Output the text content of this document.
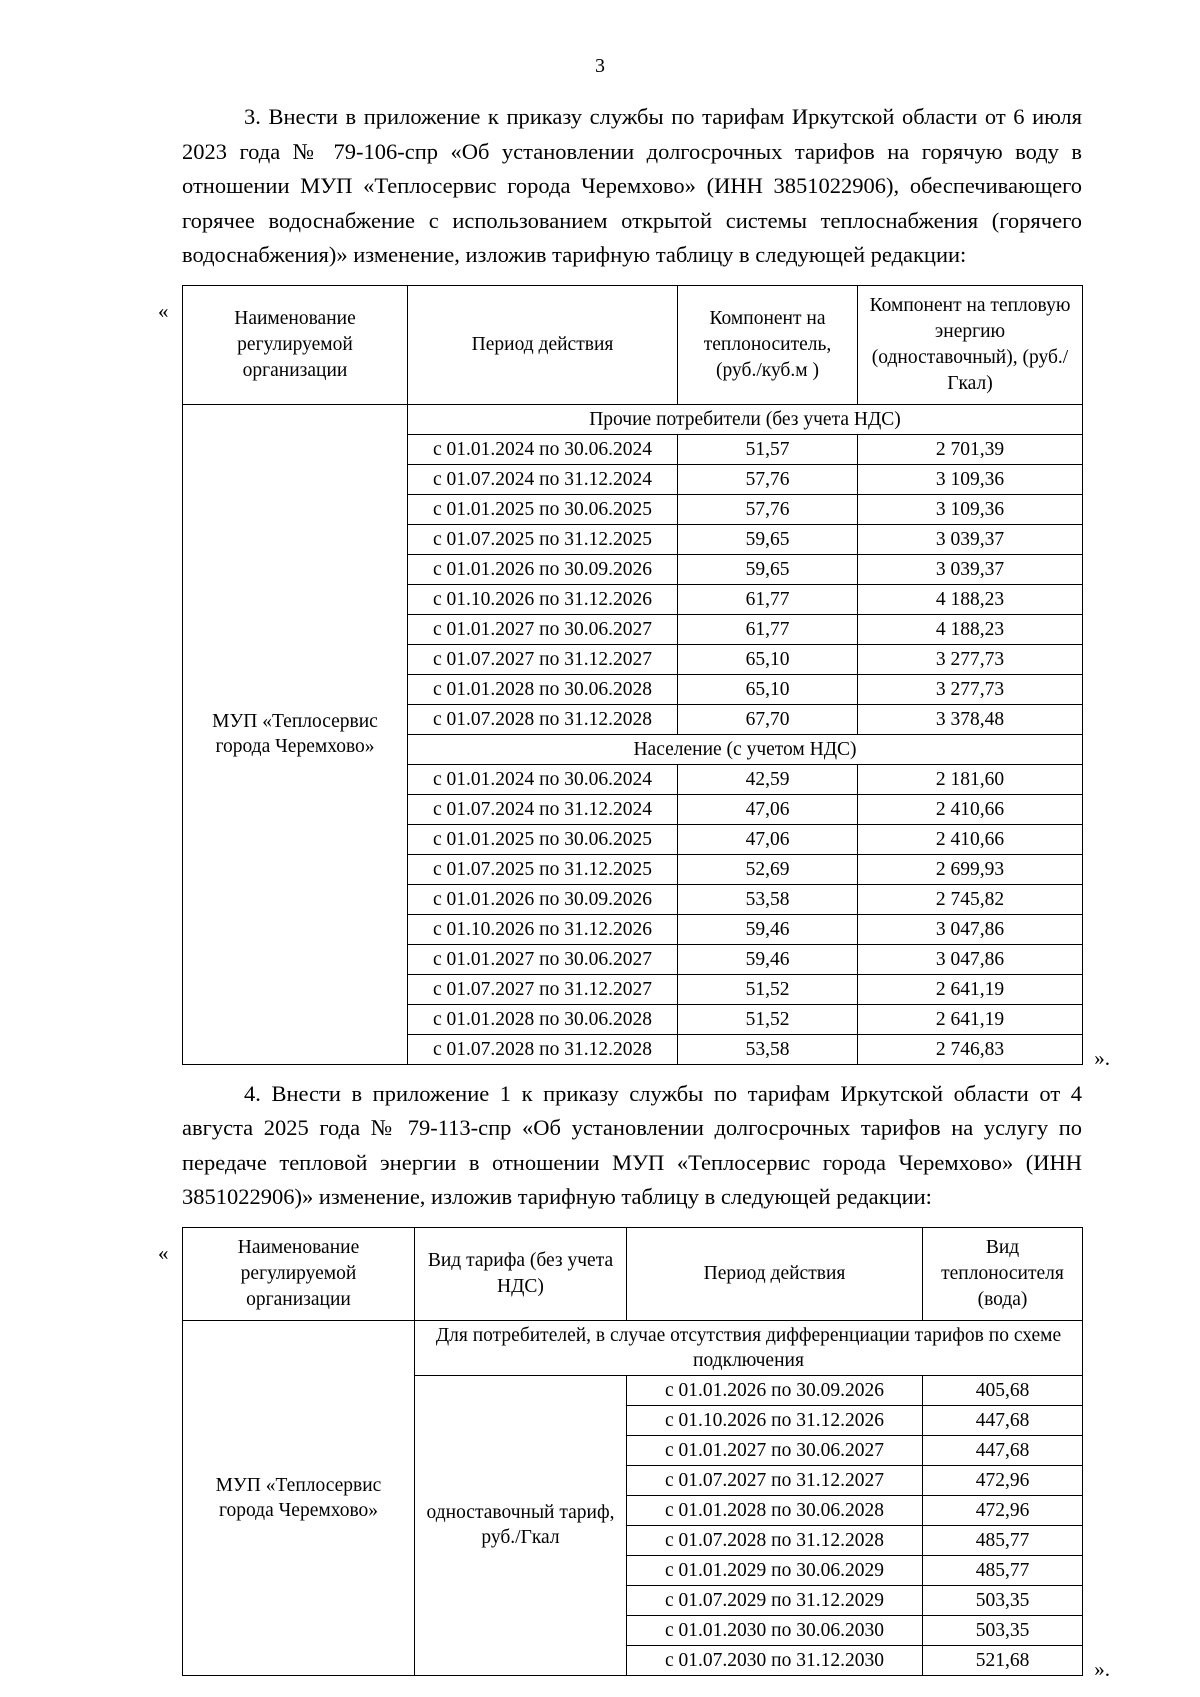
3

3. Внести в приложение к приказу службы по тарифам Иркутской области от 6 июля 2023 года № 79-106-спр «Об установлении долгосрочных тарифов на горячую воду в отношении МУП «Теплосервис города Черемхово» (ИНН 3851022906), обеспечивающего горячее водоснабжение с использованием открытой системы теплоснабжения (горячего водоснабжения)» изменение, изложив тарифную таблицу в следующей редакции:

«
».
Наименование регулируемой организации	Период действия	Компонент на теплоноситель, (руб./куб.м )	Компонент на тепловую энергию (одноставочный), (руб./Гкал)
МУП «Теплосервис города Черемхово»	Прочие потребители (без учета НДС)		
	с 01.01.2024 по 30.06.2024	51,57	2 701,39
	с 01.07.2024 по 31.12.2024	57,76	3 109,36
	с 01.01.2025 по 30.06.2025	57,76	3 109,36
	с 01.07.2025 по 31.12.2025	59,65	3 039,37
	с 01.01.2026 по 30.09.2026	59,65	3 039,37
	с 01.10.2026 по 31.12.2026	61,77	4 188,23
	с 01.01.2027 по 30.06.2027	61,77	4 188,23
	с 01.07.2027 по 31.12.2027	65,10	3 277,73
	с 01.01.2028 по 30.06.2028	65,10	3 277,73
	с 01.07.2028 по 31.12.2028	67,70	3 378,48
	Население (с учетом НДС)		
	с 01.01.2024 по 30.06.2024	42,59	2 181,60
	с 01.07.2024 по 31.12.2024	47,06	2 410,66
	с 01.01.2025 по 30.06.2025	47,06	2 410,66
	с 01.07.2025 по 31.12.2025	52,69	2 699,93
	с 01.01.2026 по 30.09.2026	53,58	2 745,82
	с 01.10.2026 по 31.12.2026	59,46	3 047,86
	с 01.01.2027 по 30.06.2027	59,46	3 047,86
	с 01.07.2027 по 31.12.2027	51,52	2 641,19
	с 01.01.2028 по 30.06.2028	51,52	2 641,19
	с 01.07.2028 по 31.12.2028	53,58	2 746,83

4. Внести в приложение 1 к приказу службы по тарифам Иркутской области от 4 августа 2025 года № 79-113-спр «Об установлении долгосрочных тарифов на услугу по передаче тепловой энергии в отношении МУП «Теплосервис города Черемхово» (ИНН 3851022906)» изменение, изложив тарифную таблицу в следующей редакции:

«
».
Наименование регулируемой организации	Вид тарифа (без учета НДС)	Период действия	Вид теплоносителя (вода)
МУП «Теплосервис города Черемхово»	Для потребителей, в случае отсутствия дифференциации тарифов по схеме подключения		
	одноставочный тариф, руб./Гкал	с 01.01.2026 по 30.09.2026	405,68
		с 01.10.2026 по 31.12.2026	447,68
		с 01.01.2027 по 30.06.2027	447,68
		с 01.07.2027 по 31.12.2027	472,96
		с 01.01.2028 по 30.06.2028	472,96
		с 01.07.2028 по 31.12.2028	485,77
		с 01.01.2029 по 30.06.2029	485,77
		с 01.07.2029 по 31.12.2029	503,35
		с 01.01.2030 по 30.06.2030	503,35
		с 01.07.2030 по 31.12.2030	521,68
